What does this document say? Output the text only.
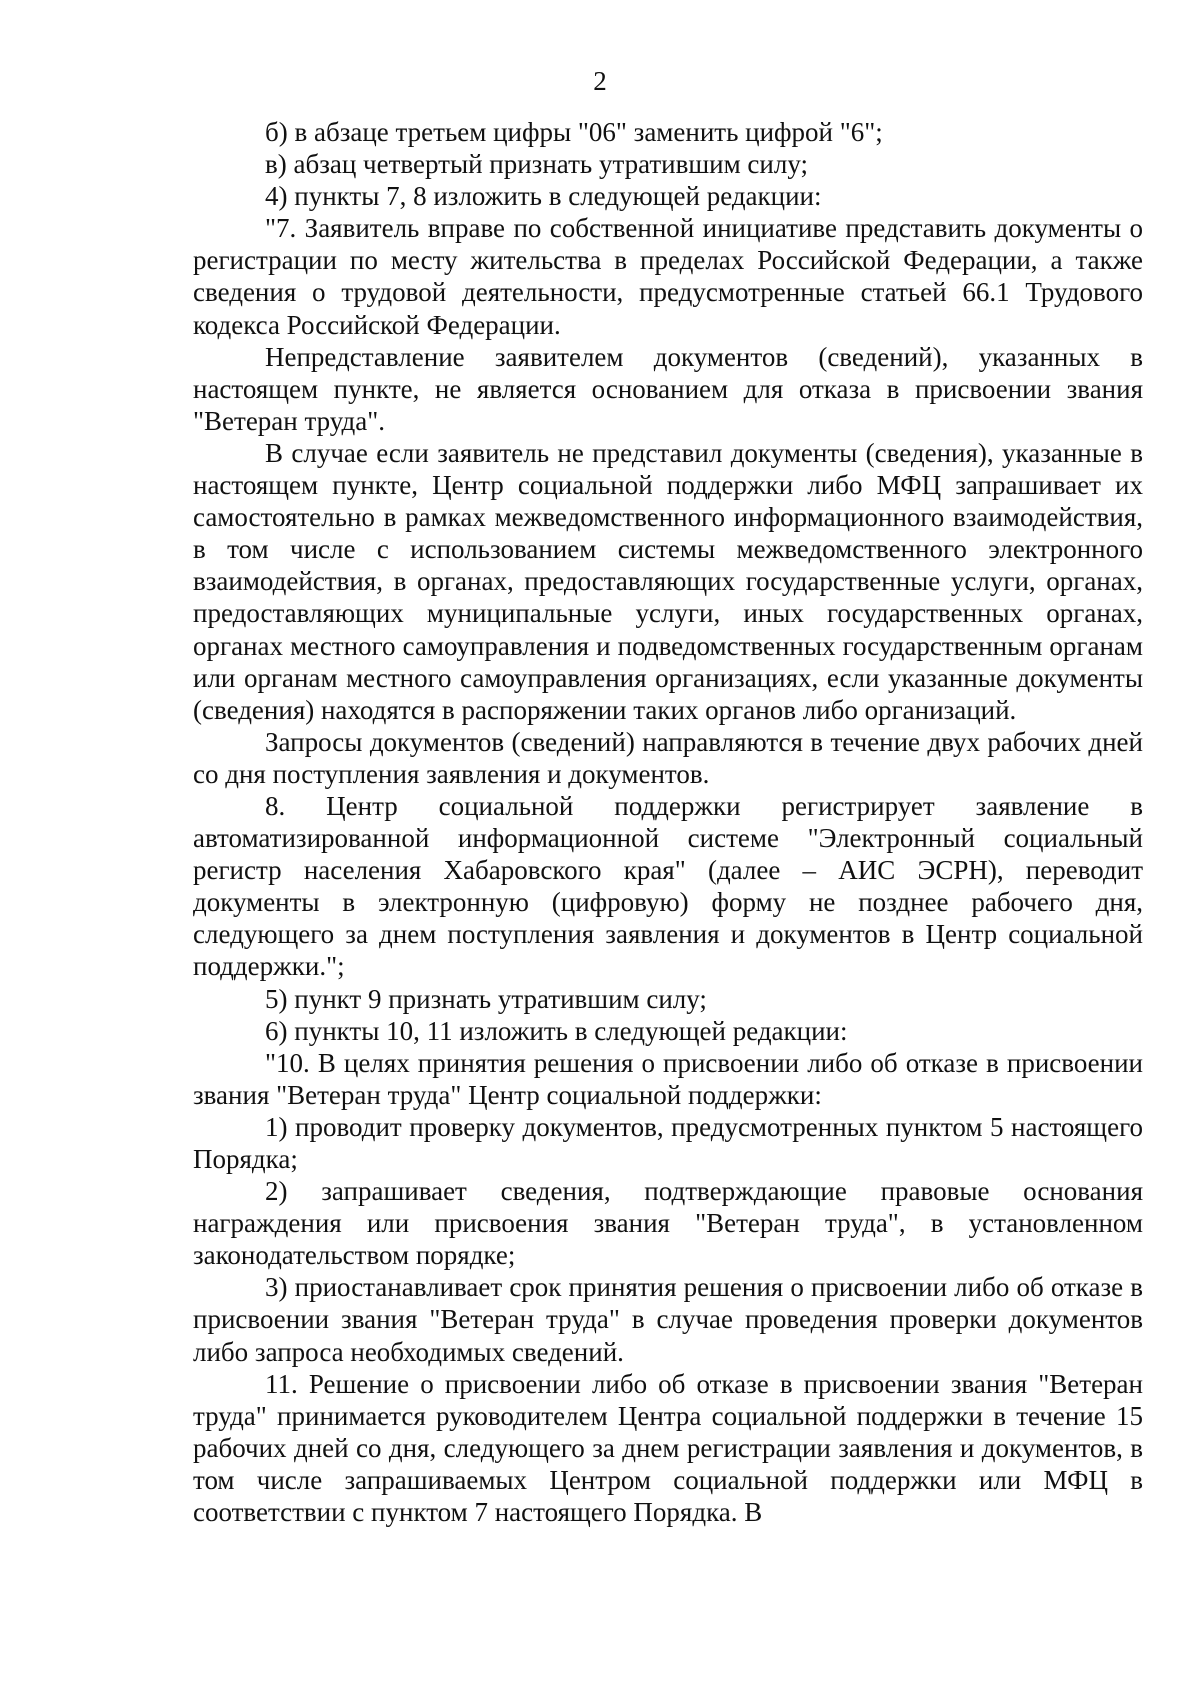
2

б) в абзаце третьем цифры "06" заменить цифрой "6";

в) абзац четвертый признать утратившим силу;

4) пункты 7, 8 изложить в следующей редакции:

"7. Заявитель вправе по собственной инициативе представить документы о регистрации по месту жительства в пределах Российской Федерации, а также сведения о трудовой деятельности, предусмотренные статьей 66.1 Трудового кодекса Российской Федерации.

Непредставление заявителем документов (сведений), указанных в настоящем пункте, не является основанием для отказа в присвоении звания "Ветеран труда".

В случае если заявитель не представил документы (сведения), указанные в настоящем пункте, Центр социальной поддержки либо МФЦ запрашивает их самостоятельно в рамках межведомственного информационного взаимодействия, в том числе с использованием системы межведомственного электронного взаимодействия, в органах, предоставляющих государственные услуги, органах, предоставляющих муниципальные услуги, иных государственных органах, органах местного самоуправления и подведомственных государственным органам или органам местного самоуправления организациях, если указанные документы (сведения) находятся в распоряжении таких органов либо организаций.

Запросы документов (сведений) направляются в течение двух рабочих дней со дня поступления заявления и документов.

8. Центр социальной поддержки регистрирует заявление в автоматизированной информационной системе "Электронный социальный регистр населения Хабаровского края" (далее – АИС ЭСРН), переводит документы в электронную (цифровую) форму не позднее рабочего дня, следующего за днем поступления заявления и документов в Центр социальной поддержки.";

5) пункт 9 признать утратившим силу;

6) пункты 10, 11 изложить в следующей редакции:

"10. В целях принятия решения о присвоении либо об отказе в присвоении звания "Ветеран труда" Центр социальной поддержки:

1) проводит проверку документов, предусмотренных пунктом 5 настоящего Порядка;

2) запрашивает сведения, подтверждающие правовые основания награждения или присвоения звания "Ветеран труда", в установленном законодательством порядке;

3) приостанавливает срок принятия решения о присвоении либо об отказе в присвоении звания "Ветеран труда" в случае проведения проверки документов либо запроса необходимых сведений.

11. Решение о присвоении либо об отказе в присвоении звания "Ветеран труда" принимается руководителем Центра социальной поддержки в течение 15 рабочих дней со дня, следующего за днем регистрации заявления и документов, в том числе запрашиваемых Центром социальной поддержки или МФЦ в соответствии с пунктом 7 настоящего Порядка. В
